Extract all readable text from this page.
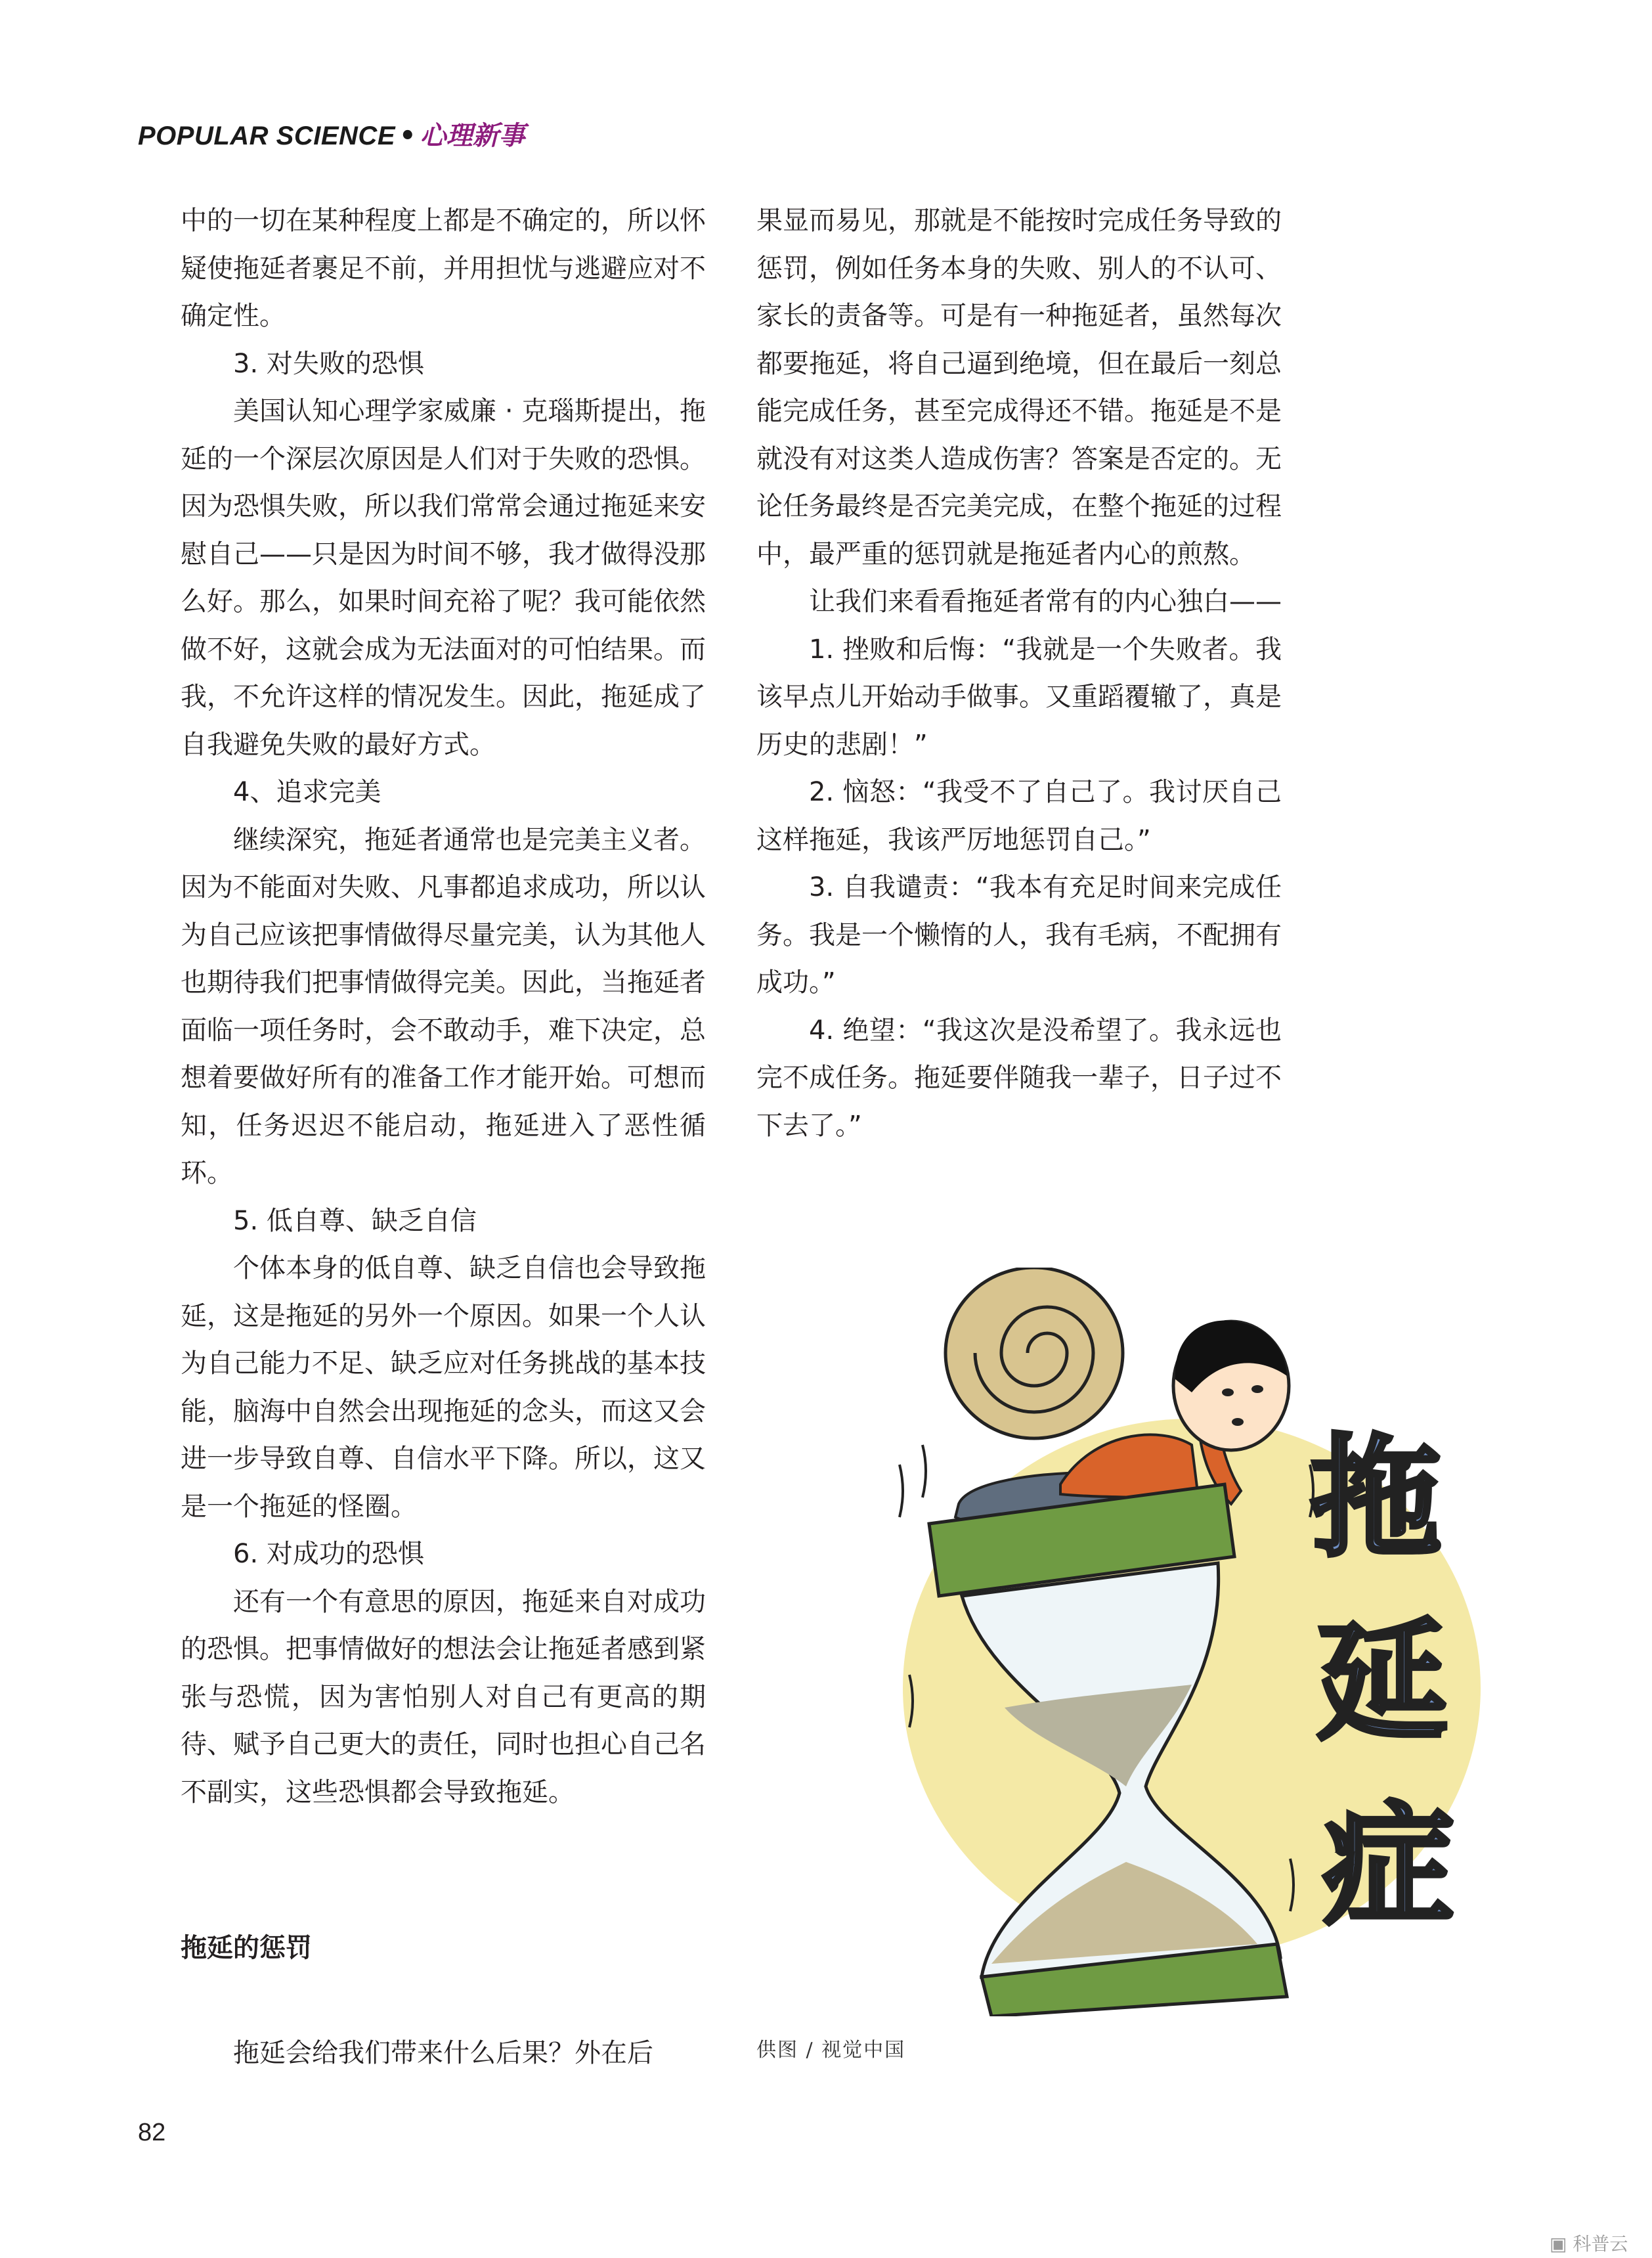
POPULAR SCIENCE • 心理新事

中的一切在某种程度上都是不确定的，所以怀疑使拖延者裹足不前，并用担忧与逃避应对不确定性。

3. 对失败的恐惧

美国认知心理学家威廉 · 克瑙斯提出，拖延的一个深层次原因是人们对于失败的恐惧。因为恐惧失败，所以我们常常会通过拖延来安慰自己——只是因为时间不够，我才做得没那么好。那么，如果时间充裕了呢？我可能依然做不好，这就会成为无法面对的可怕结果。而我，不允许这样的情况发生。因此，拖延成了自我避免失败的最好方式。

4、追求完美

继续深究，拖延者通常也是完美主义者。因为不能面对失败、凡事都追求成功，所以认为自己应该把事情做得尽量完美，认为其他人也期待我们把事情做得完美。因此，当拖延者面临一项任务时，会不敢动手，难下决定，总想着要做好所有的准备工作才能开始。可想而知，任务迟迟不能启动，拖延进入了恶性循环。

5. 低自尊、缺乏自信

个体本身的低自尊、缺乏自信也会导致拖延，这是拖延的另外一个原因。如果一个人认为自己能力不足、缺乏应对任务挑战的基本技能，脑海中自然会出现拖延的念头，而这又会进一步导致自尊、自信水平下降。所以，这又是一个拖延的怪圈。

6. 对成功的恐惧

还有一个有意思的原因，拖延来自对成功的恐惧。把事情做好的想法会让拖延者感到紧张与恐慌，因为害怕别人对自己有更高的期待、赋予自己更大的责任，同时也担心自己名不副实，这些恐惧都会导致拖延。

拖延的惩罚

拖延会给我们带来什么后果？外在后

果显而易见，那就是不能按时完成任务导致的惩罚，例如任务本身的失败、别人的不认可、家长的责备等。可是有一种拖延者，虽然每次都要拖延，将自己逼到绝境，但在最后一刻总能完成任务，甚至完成得还不错。拖延是不是就没有对这类人造成伤害？答案是否定的。无论任务最终是否完美完成，在整个拖延的过程中，最严重的惩罚就是拖延者内心的煎熬。

让我们来看看拖延者常有的内心独白——

1. 挫败和后悔：“我就是一个失败者。我该早点儿开始动手做事。又重蹈覆辙了，真是历史的悲剧！”

2. 恼怒：“我受不了自己了。我讨厌自己这样拖延，我该严厉地惩罚自己。”

3. 自我谴责：“我本有充足时间来完成任务。我是一个懒惰的人，我有毛病，不配拥有成功。”

4. 绝望：“我这次是没希望了。我永远也完不成任务。拖延要伴随我一辈子，日子过不下去了。”

拖
延
症
供图 / 视觉中国
82
▣ 科普云
